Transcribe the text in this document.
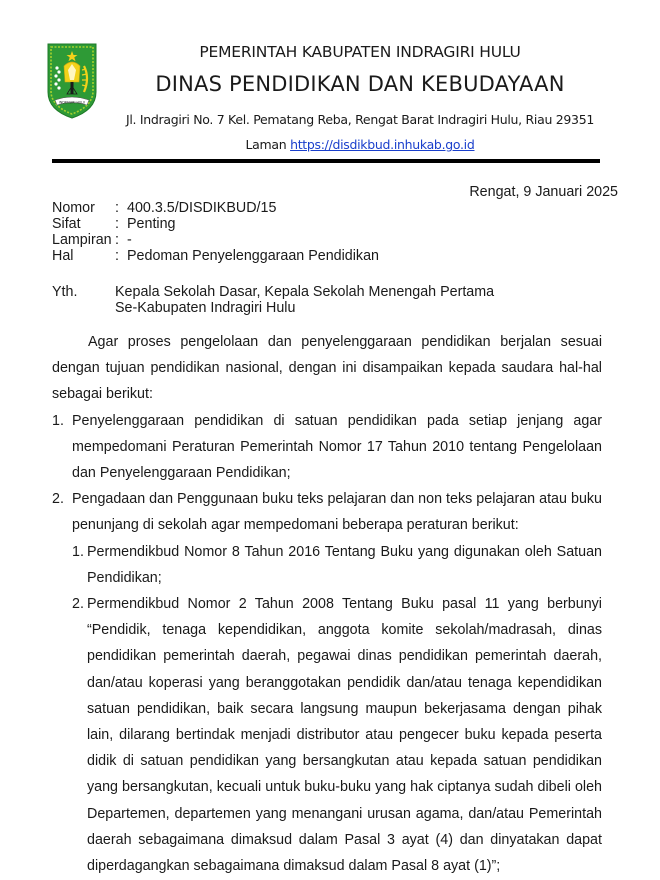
INDRAGIRI HULU
PEMERINTAH KABUPATEN INDRAGIRI HULU
DINAS PENDIDIKAN DAN KEBUDAYAAN
Jl. Indragiri No. 7 Kel. Pematang Reba, Rengat Barat Indragiri Hulu, Riau 29351
Laman https://disdikbud.inhukab.go.id
Rengat, 9 Januari 2025
Nomor	: 400.3.5/DISDIKBUD/15
Sifat	: Penting
Lampiran : -
Hal	: Pedoman Penyelenggaraan Pendidikan
Yth.	Kepala Sekolah Dasar, Kepala Sekolah Menengah Pertama
Se-Kabupaten Indragiri Hulu

Agar proses pengelolaan dan penyelenggaraan pendidikan berjalan sesuai dengan tujuan pendidikan nasional, dengan ini disampaikan kepada saudara hal-hal sebagai berikut:

1. Penyelenggaraan pendidikan di satuan pendidikan pada setiap jenjang agar mempedomani Peraturan Pemerintah Nomor 17 Tahun 2010 tentang Pengelolaan dan Penyelenggaraan Pendidikan;
2. Pengadaan dan Penggunaan buku teks pelajaran dan non teks pelajaran atau buku penunjang di sekolah agar mempedomani beberapa peraturan berikut:
1. Permendikbud Nomor 8 Tahun 2016 Tentang Buku yang digunakan oleh Satuan Pendidikan;
2. Permendikbud Nomor 2 Tahun 2008 Tentang Buku pasal 11 yang berbunyi “Pendidik, tenaga kependidikan, anggota komite sekolah/madrasah, dinas pendidikan pemerintah daerah, pegawai dinas pendidikan pemerintah daerah, dan/atau koperasi yang beranggotakan pendidik dan/atau tenaga kependidikan satuan pendidikan, baik secara langsung maupun bekerjasama dengan pihak lain, dilarang bertindak menjadi distributor atau pengecer buku kepada peserta didik di satuan pendidikan yang bersangkutan atau kepada satuan pendidikan yang bersangkutan, kecuali untuk buku-buku yang hak ciptanya sudah dibeli oleh Departemen, departemen yang menangani urusan agama, dan/atau Pemerintah daerah sebagaimana dimaksud dalam Pasal 3 ayat (4) dan dinyatakan dapat diperdagangkan sebagaimana dimaksud dalam Pasal 8 ayat (1)”;
